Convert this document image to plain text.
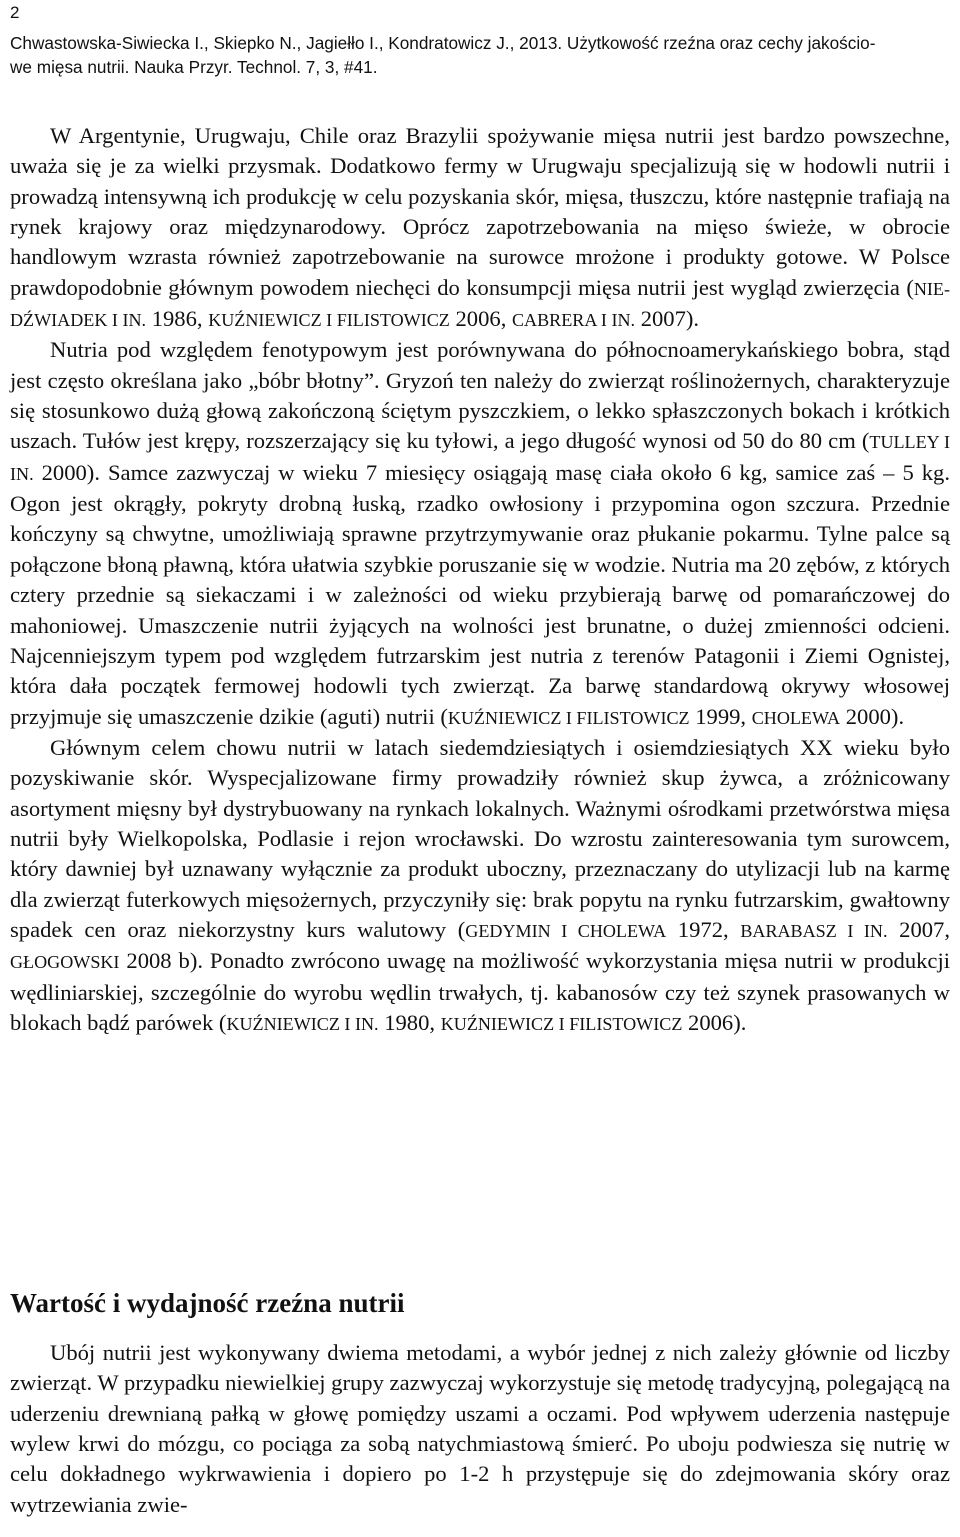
2
Chwastowska-Siwiecka I., Skiepko N., Jagiełło I., Kondratowicz J., 2013. Użytkowość rzeźna oraz cechy jakościo-
we mięsa nutrii. Nauka Przyr. Technol. 7, 3, #41.

W Argentynie, Urugwaju, Chile oraz Brazylii spożywanie mięsa nutrii jest bardzo powszechne, uważa się je za wielki przysmak. Dodatkowo fermy w Urugwaju specjalizują się w hodowli nutrii i prowadzą intensywną ich produkcję w celu pozyskania skór, mięsa, tłuszczu, które następnie trafiają na rynek krajowy oraz międzynarodowy. Oprócz zapotrzebowania na mięso świeże, w obrocie handlowym wzrasta również zapotrzebowanie na surowce mrożone i produkty gotowe. W Polsce prawdopodobnie głównym powodem niechęci do konsumpcji mięsa nutrii jest wygląd zwierzęcia (NIEDŹWIADEK I IN. 1986, KUŹNIEWICZ I FILISTOWICZ 2006, CABRERA I IN. 2007).

Nutria pod względem fenotypowym jest porównywana do północnoamerykańskiego bobra, stąd jest często określana jako „bóbr błotny”. Gryzoń ten należy do zwierząt roślinożernych, charakteryzuje się stosunkowo dużą głową zakończoną ściętym pyszczkiem, o lekko spłaszczonych bokach i krótkich uszach. Tułów jest krępy, rozszerzający się ku tyłowi, a jego długość wynosi od 50 do 80 cm (TULLEY I IN. 2000). Samce zazwyczaj w wieku 7 miesięcy osiągają masę ciała około 6 kg, samice zaś – 5 kg. Ogon jest okrągły, pokryty drobną łuską, rzadko owłosiony i przypomina ogon szczura. Przednie kończyny są chwytne, umożliwiają sprawne przytrzymywanie oraz płukanie pokarmu. Tylne palce są połączone błoną pławną, która ułatwia szybkie poruszanie się w wodzie. Nutria ma 20 zębów, z których cztery przednie są siekaczami i w zależności od wieku przybierają barwę od pomarańczowej do mahoniowej. Umaszczenie nutrii żyjących na wolności jest brunatne, o dużej zmienności odcieni. Najcenniejszym typem pod względem futrzarskim jest nutria z terenów Patagonii i Ziemi Ognistej, która dała początek fermowej hodowli tych zwierząt. Za barwę standardową okrywy włosowej przyjmuje się umaszczenie dzikie (aguti) nutrii (KUŹNIEWICZ I FILISTOWICZ 1999, CHOLEWA 2000).

Głównym celem chowu nutrii w latach siedemdziesiątych i osiemdziesiątych XX wieku było pozyskiwanie skór. Wyspecjalizowane firmy prowadziły również skup żywca, a zróżnicowany asortyment mięsny był dystrybuowany na rynkach lokalnych. Ważnymi ośrodkami przetwórstwa mięsa nutrii były Wielkopolska, Podlasie i rejon wrocławski. Do wzrostu zainteresowania tym surowcem, który dawniej był uznawany wyłącznie za produkt uboczny, przeznaczany do utylizacji lub na karmę dla zwierząt futerkowych mięsożernych, przyczyniły się: brak popytu na rynku futrzarskim, gwałtowny spadek cen oraz niekorzystny kurs walutowy (GEDYMIN I CHOLEWA 1972, BARABASZ I IN. 2007, GŁOGOWSKI 2008 b). Ponadto zwrócono uwagę na możliwość wykorzystania mięsa nutrii w produkcji wędliniarskiej, szczególnie do wyrobu wędlin trwałych, tj. kabanosów czy też szynek prasowanych w blokach bądź parówek (KUŹNIEWICZ I IN. 1980, KUŹNIEWICZ I FILISTOWICZ 2006).

Wartość i wydajność rzeźna nutrii

Ubój nutrii jest wykonywany dwiema metodami, a wybór jednej z nich zależy głównie od liczby zwierząt. W przypadku niewielkiej grupy zazwyczaj wykorzystuje się metodę tradycyjną, polegającą na uderzeniu drewnianą pałką w głowę pomiędzy uszami a oczami. Pod wpływem uderzenia następuje wylew krwi do mózgu, co pociąga za sobą natychmiastową śmierć. Po uboju podwiesza się nutrię w celu dokładnego wykrwawienia i dopiero po 1-2 h przystępuje się do zdejmowania skóry oraz wytrzewiania zwie-
